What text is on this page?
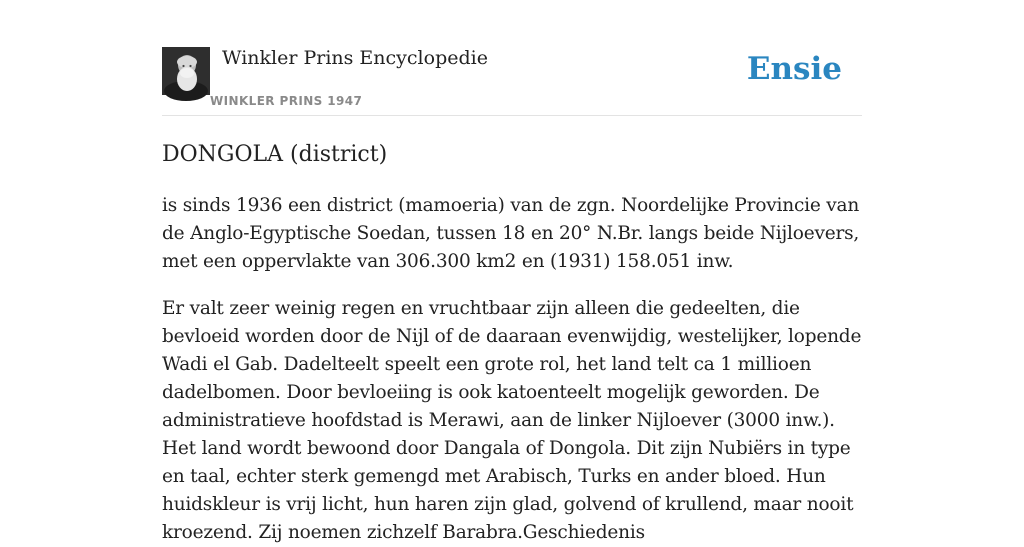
Winkler Prins Encyclopedie
WINKLER PRINS 1947
Ensie
DONGOLA (district)

is sinds 1936 een district (mamoeria) van de zgn. Noordelijke Provincie van de Anglo-Egyptische Soedan, tussen 18 en 20° N.Br. langs beide Nijloevers, met een oppervlakte van 306.300 km2 en (1931) 158.051 inw.

Er valt zeer weinig regen en vruchtbaar zijn alleen die gedeelten, die bevloeid worden door de Nijl of de daaraan evenwijdig, westelijker, lopende Wadi el Gab. Dadelteelt speelt een grote rol, het land telt ca 1 millioen dadelbomen. Door bevloeiing is ook katoenteelt mogelijk geworden. De administratieve hoofdstad is Merawi, aan de linker Nijloever (3000 inw.). Het land wordt bewoond door Dangala of Dongola. Dit zijn Nubiërs in type en taal, echter sterk gemengd met Arabisch, Turks en ander bloed. Hun huidskleur is vrij licht, hun haren zijn glad, golvend of krullend, maar nooit kroezend. Zij noemen zichzelf Barabra.Geschiedenis
